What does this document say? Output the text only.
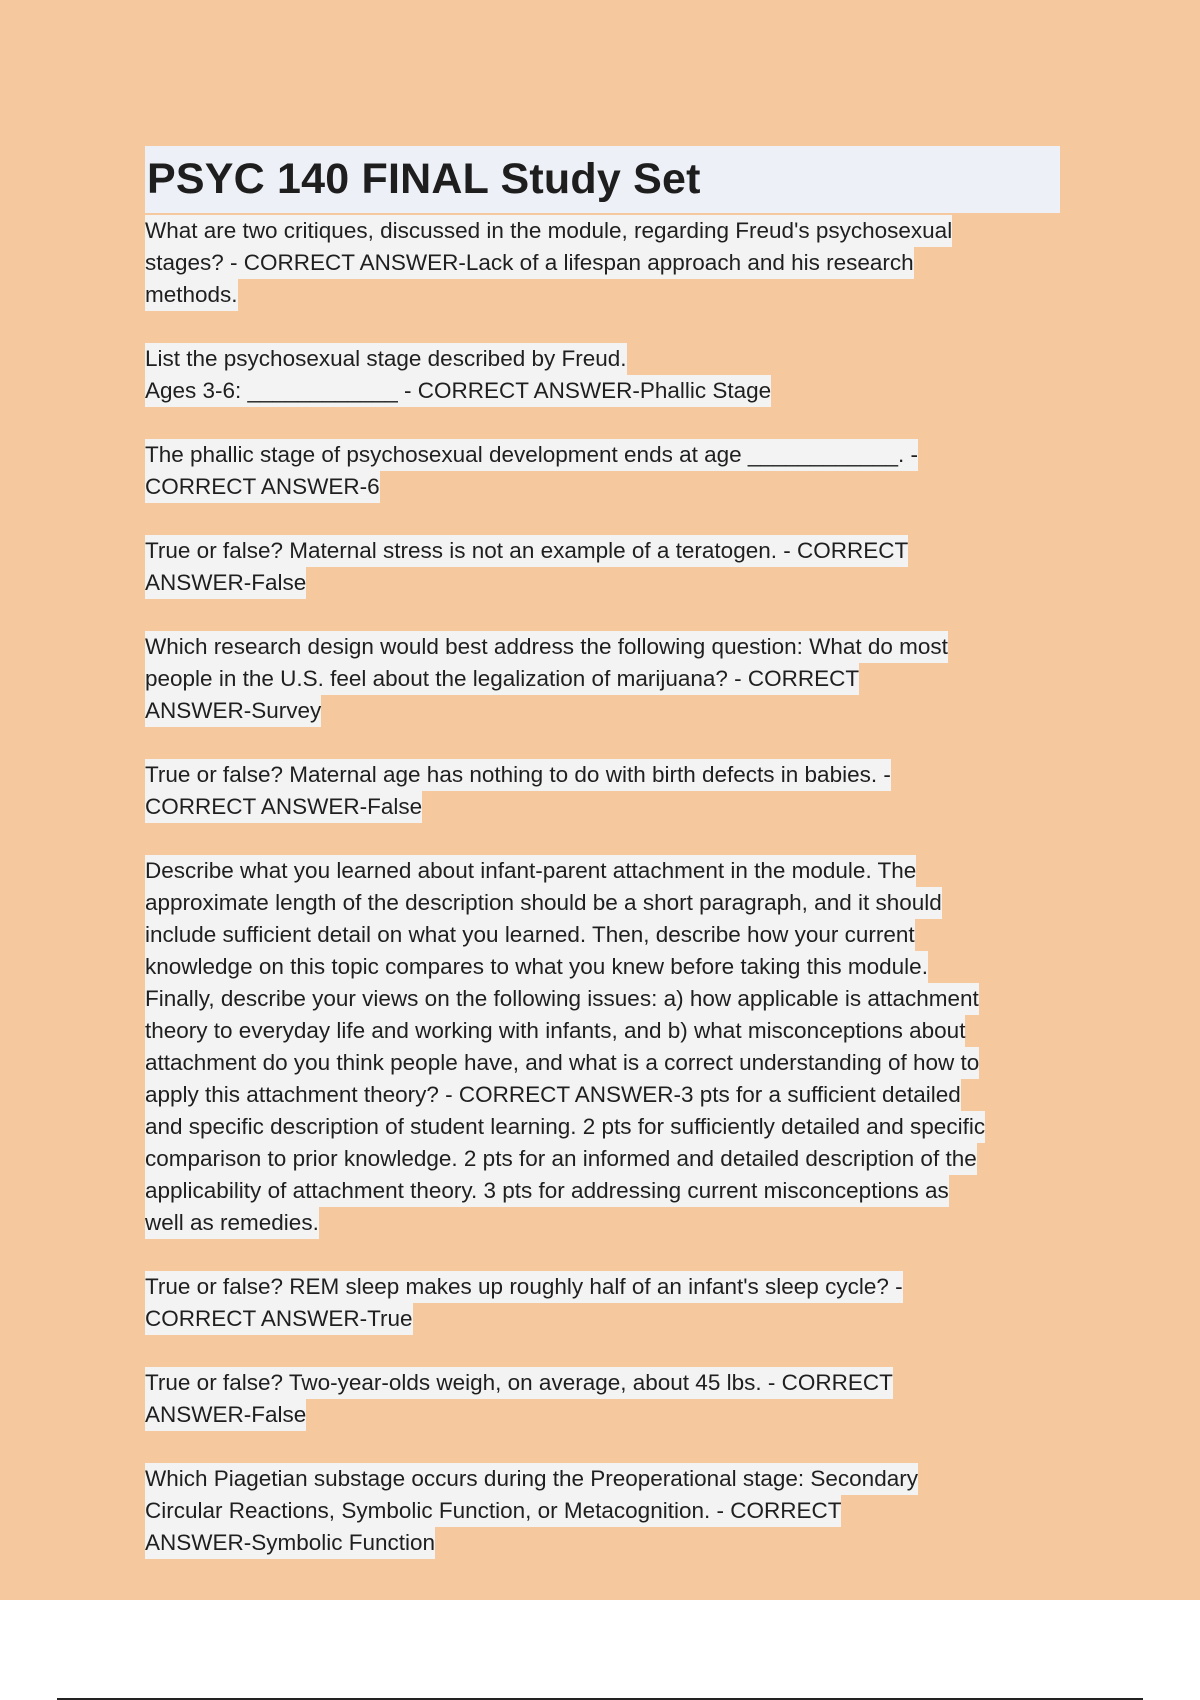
PSYC 140 FINAL Study Set
What are two critiques, discussed in the module, regarding Freud's psychosexual
stages? - CORRECT ANSWER-Lack of a lifespan approach and his research
methods.
List the psychosexual stage described by Freud.
Ages 3-6: ____________ - CORRECT ANSWER-Phallic Stage
The phallic stage of psychosexual development ends at age ____________. -
CORRECT ANSWER-6
True or false? Maternal stress is not an example of a teratogen. - CORRECT
ANSWER-False
Which research design would best address the following question: What do most
people in the U.S. feel about the legalization of marijuana? - CORRECT
ANSWER-Survey
True or false? Maternal age has nothing to do with birth defects in babies. -
CORRECT ANSWER-False
Describe what you learned about infant-parent attachment in the module. The
approximate length of the description should be a short paragraph, and it should
include sufficient detail on what you learned. Then, describe how your current
knowledge on this topic compares to what you knew before taking this module.
Finally, describe your views on the following issues: a) how applicable is attachment
theory to everyday life and working with infants, and b) what misconceptions about
attachment do you think people have, and what is a correct understanding of how to
apply this attachment theory? - CORRECT ANSWER-3 pts for a sufficient detailed
and specific description of student learning. 2 pts for sufficiently detailed and specific
comparison to prior knowledge. 2 pts for an informed and detailed description of the
applicability of attachment theory. 3 pts for addressing current misconceptions as
well as remedies.
True or false? REM sleep makes up roughly half of an infant's sleep cycle? -
CORRECT ANSWER-True
True or false? Two-year-olds weigh, on average, about 45 lbs. - CORRECT
ANSWER-False
Which Piagetian substage occurs during the Preoperational stage: Secondary
Circular Reactions, Symbolic Function, or Metacognition. - CORRECT
ANSWER-Symbolic Function
